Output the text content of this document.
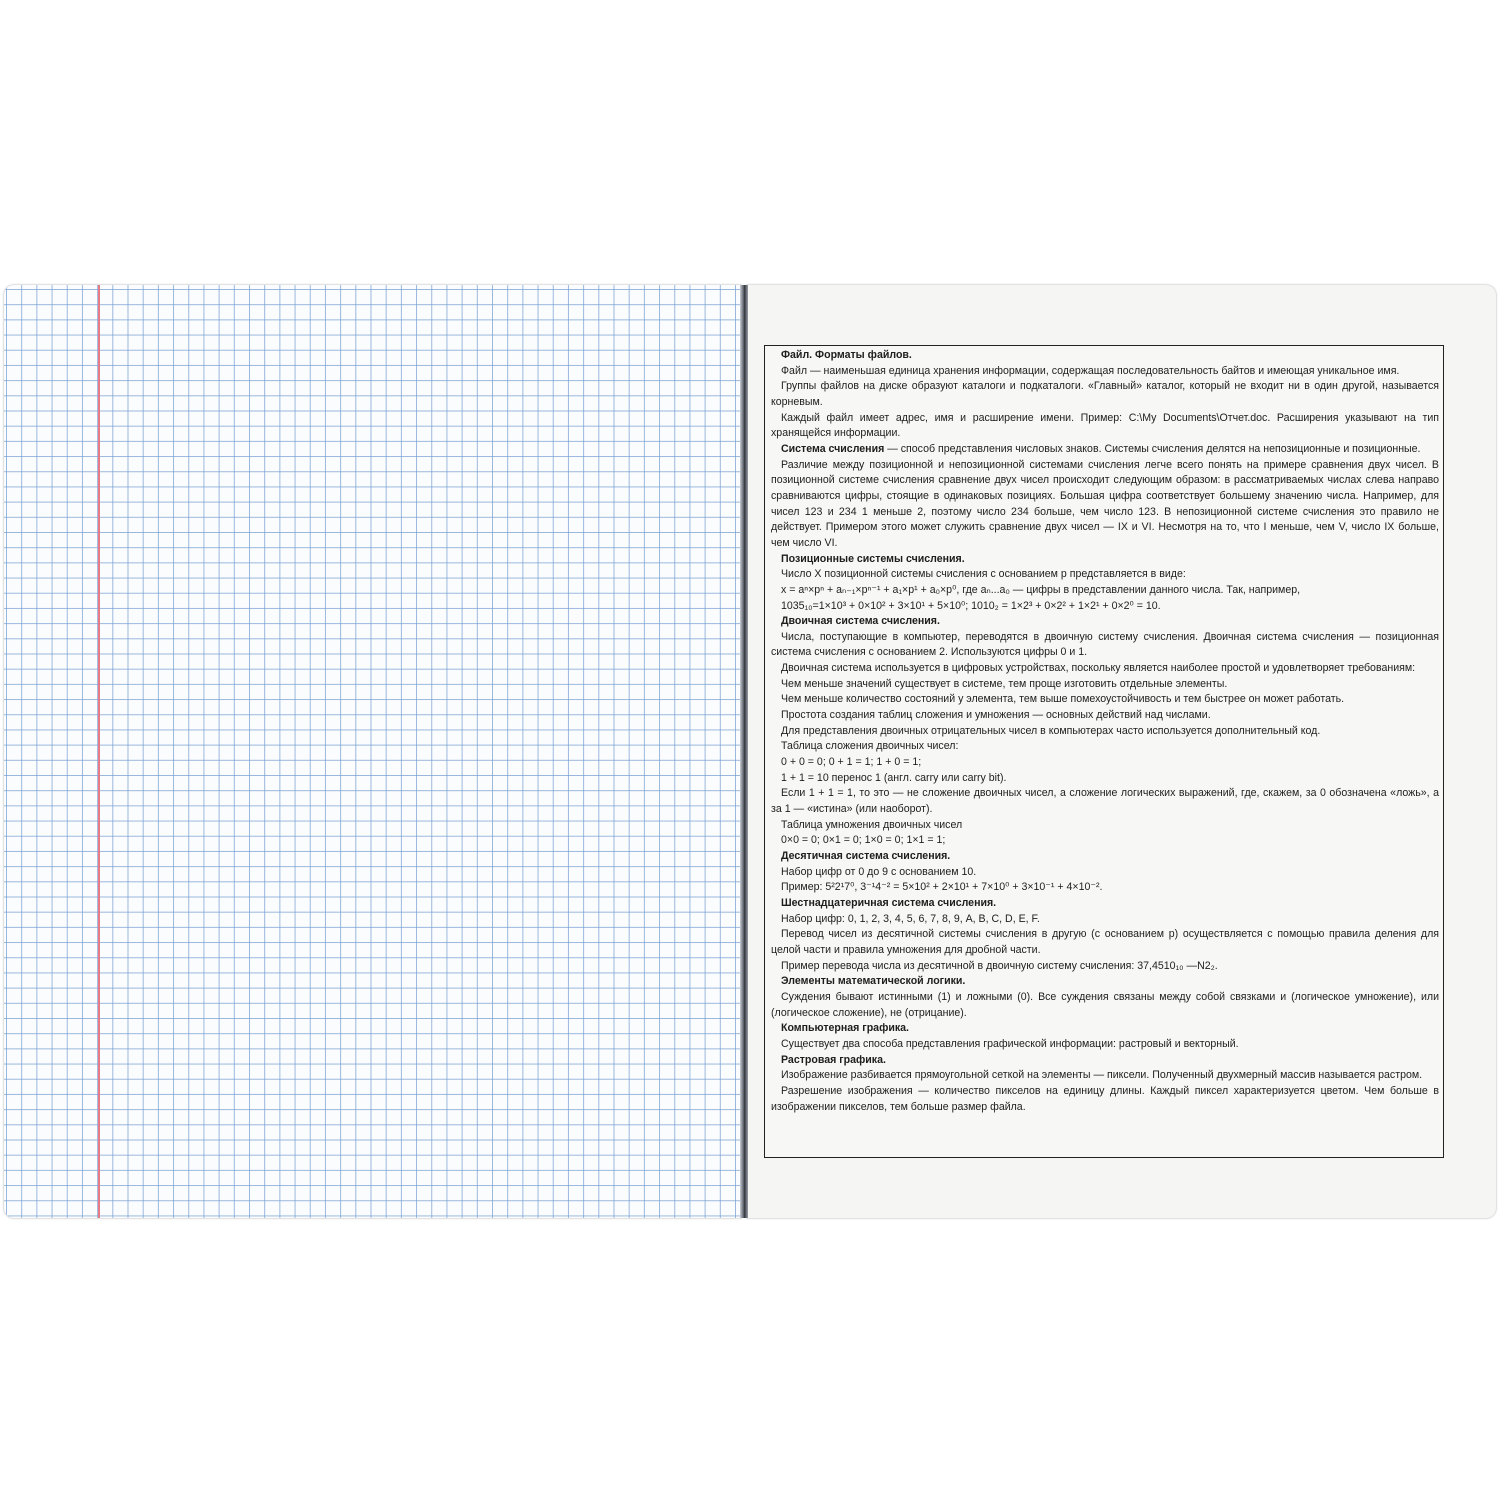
Файл. Форматы файлов.

Файл — наименьшая единица хранения информации, содержащая последовательность байтов и имеющая уникальное имя.

Группы файлов на диске образуют каталоги и подкаталоги. «Главный» каталог, который не входит ни в один другой, называется корневым.

Каждый файл имеет адрес, имя и расширение имени. Пример: C:\My Documents\Отчет.doc. Расширения указывают на тип хранящейся информации.

Система счисления — способ представления числовых знаков. Системы счисления делятся на непозиционные и позиционные.

Различие между позиционной и непозиционной системами счисления легче всего понять на примере сравнения двух чисел. В позиционной системе счисления сравнение двух чисел происходит следующим образом: в рассматриваемых числах слева направо сравниваются цифры, стоящие в одинаковых позициях. Большая цифра соответствует большему значению числа. Например, для чисел 123 и 234 1 меньше 2, поэтому число 234 больше, чем число 123. В непозиционной системе счисления это правило не действует. Примером этого может служить сравнение двух чисел — IX и VI. Несмотря на то, что I меньше, чем V, число IX больше, чем число VI.

Позиционные системы счисления.

Число X позиционной системы счисления с основанием p представляется в виде:

x = aⁿ×pⁿ + aₙ₋₁×pⁿ⁻¹ + a₁×p¹ + a₀×p⁰, где aₙ...a₀ — цифры в представлении данного числа. Так, например,

1035₁₀=1×10³ + 0×10² + 3×10¹ + 5×10⁰; 1010₂ = 1×2³ + 0×2² + 1×2¹ + 0×2⁰ = 10.

Двоичная система счисления.

Числа, поступающие в компьютер, переводятся в двоичную систему счисления. Двоичная система счисления — позиционная система счисления с основанием 2. Используются цифры 0 и 1.

Двоичная система используется в цифровых устройствах, поскольку является наиболее простой и удовлетворяет требованиям:

Чем меньше значений существует в системе, тем проще изготовить отдельные элементы.

Чем меньше количество состояний у элемента, тем выше помехоустойчивость и тем быстрее он может работать.

Простота создания таблиц сложения и умножения — основных действий над числами.

Для представления двоичных отрицательных чисел в компьютерах часто используется дополнительный код.

Таблица сложения двоичных чисел:

0 + 0 = 0; 0 + 1 = 1; 1 + 0 = 1;

1 + 1 = 10 перенос 1 (англ. carry или carry bit).

Если 1 + 1 = 1, то это — не сложение двоичных чисел, а сложение логических выражений, где, скажем, за 0 обозначена «ложь», а за 1 — «истина» (или наоборот).

Таблица умножения двоичных чисел

0×0 = 0; 0×1 = 0; 1×0 = 0; 1×1 = 1;

Десятичная система счисления.

Набор цифр от 0 до 9 с основанием 10.

Пример: 5²2¹7⁰, 3⁻¹4⁻² = 5×10² + 2×10¹ + 7×10⁰ + 3×10⁻¹ + 4×10⁻².

Шестнадцатеричная система счисления.

Набор цифр: 0, 1, 2, 3, 4, 5, 6, 7, 8, 9, A, B, C, D, E, F.

Перевод чисел из десятичной системы счисления в другую (с основанием p) осуществляется с помощью правила деления для целой части и правила умножения для дробной части.

Пример перевода числа из десятичной в двоичную систему счисления: 37,4510₁₀ —N2₂.

Элементы математической логики.

Суждения бывают истинными (1) и ложными (0). Все суждения связаны между собой связками и (логическое умножение), или (логическое сложение), не (отрицание).

Компьютерная графика.

Существует два способа представления графической информации: растровый и векторный.

Растровая графика.

Изображение разбивается прямоугольной сеткой на элементы — пиксели. Полученный двухмерный массив называется растром.

Разрешение изображения — количество пикселов на единицу длины. Каждый пиксел характеризуется цветом. Чем больше в изображении пикселов, тем больше размер файла.
